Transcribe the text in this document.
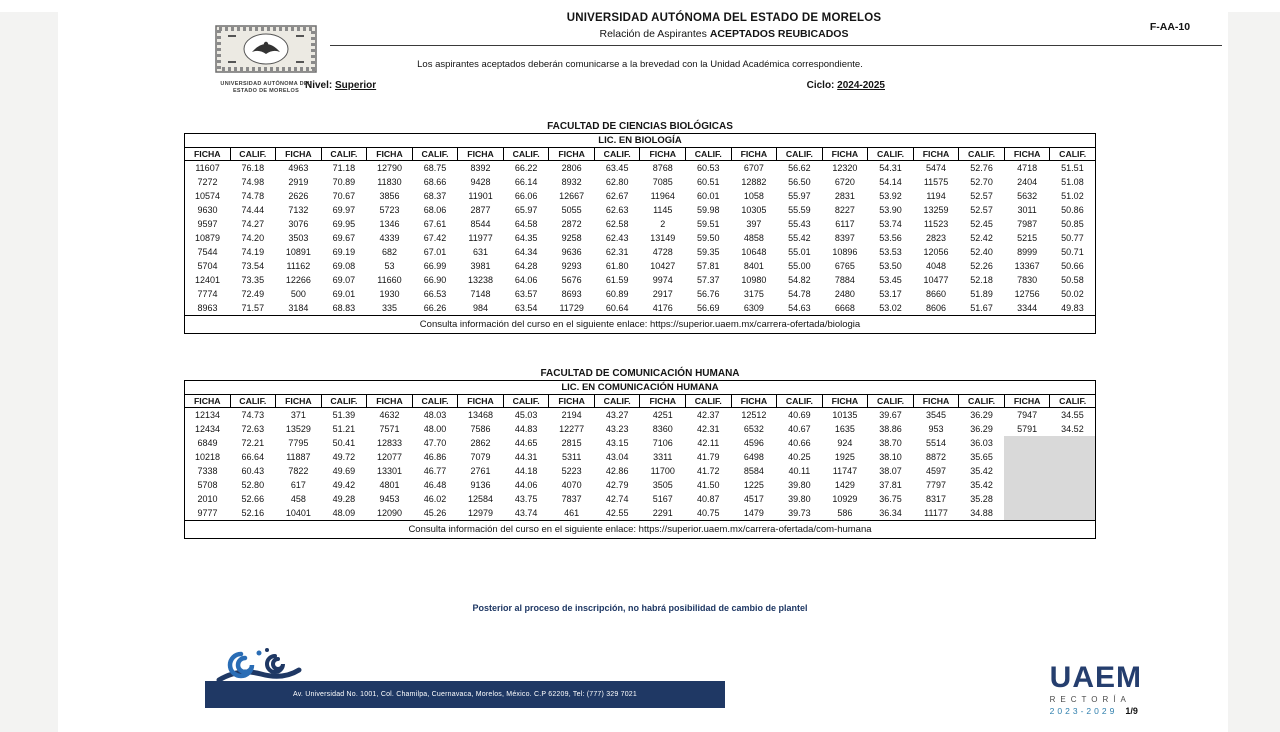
UNIVERSIDAD AUTÓNOMA DEL
ESTADO DE MORELOS
UNIVERSIDAD AUTÓNOMA DEL ESTADO DE MORELOS
Relación de Aspirantes ACEPTADOS REUBICADOS
F-AA-10
Los aspirantes aceptados deberán comunicarse a la brevedad con la Unidad Académica correspondiente.
Nivel: Superior	Ciclo: 2024-2025
FACULTAD DE CIENCIAS BIOLÓGICAS
LIC. EN BIOLOGÍA																			
FICHA	CALIF.	FICHA	CALIF.	FICHA	CALIF.	FICHA	CALIF.	FICHA	CALIF.	FICHA	CALIF.	FICHA	CALIF.	FICHA	CALIF.	FICHA	CALIF.	FICHA	CALIF.
11607	76.18	4963	71.18	12790	68.75	8392	66.22	2806	63.45	8768	60.53	6707	56.62	12320	54.31	5474	52.76	4718	51.51
7272	74.98	2919	70.89	11830	68.66	9428	66.14	8932	62.80	7085	60.51	12882	56.50	6720	54.14	11575	52.70	2404	51.08
10574	74.78	2626	70.67	3856	68.37	11901	66.06	12667	62.67	11964	60.01	1058	55.97	2831	53.92	1194	52.57	5632	51.02
9630	74.44	7132	69.97	5723	68.06	2877	65.97	5055	62.63	1145	59.98	10305	55.59	8227	53.90	13259	52.57	3011	50.86
9597	74.27	3076	69.95	1346	67.61	8544	64.58	2872	62.58	2	59.51	397	55.43	6117	53.74	11523	52.45	7987	50.85
10879	74.20	3503	69.67	4339	67.42	11977	64.35	9258	62.43	13149	59.50	4858	55.42	8397	53.56	2823	52.42	5215	50.77
7544	74.19	10891	69.19	682	67.01	631	64.34	9636	62.31	4728	59.35	10648	55.01	10896	53.53	12056	52.40	8999	50.71
5704	73.54	11162	69.08	53	66.99	3981	64.28	9293	61.80	10427	57.81	8401	55.00	6765	53.50	4048	52.26	13367	50.66
12401	73.35	12266	69.07	11660	66.90	13238	64.06	5676	61.59	9974	57.37	10980	54.82	7884	53.45	10477	52.18	7830	50.58
7774	72.49	500	69.01	1930	66.53	7148	63.57	8693	60.89	2917	56.76	3175	54.78	2480	53.17	8660	51.89	12756	50.02
8963	71.57	3184	68.83	335	66.26	984	63.54	11729	60.64	4176	56.69	6309	54.63	6668	53.02	8606	51.67	3344	49.83
Consulta información del curso en el siguiente enlace: https://superior.uaem.mx/carrera-ofertada/biologia																			
FACULTAD DE COMUNICACIÓN HUMANA
LIC. EN COMUNICACIÓN HUMANA																			
FICHA	CALIF.	FICHA	CALIF.	FICHA	CALIF.	FICHA	CALIF.	FICHA	CALIF.	FICHA	CALIF.	FICHA	CALIF.	FICHA	CALIF.	FICHA	CALIF.	FICHA	CALIF.
12134	74.73	371	51.39	4632	48.03	13468	45.03	2194	43.27	4251	42.37	12512	40.69	10135	39.67	3545	36.29	7947	34.55
12434	72.63	13529	51.21	7571	48.00	7586	44.83	12277	43.23	8360	42.31	6532	40.67	1635	38.86	953	36.29	5791	34.52
6849	72.21	7795	50.41	12833	47.70	2862	44.65	2815	43.15	7106	42.11	4596	40.66	924	38.70	5514	36.03		
10218	66.64	11887	49.72	12077	46.86	7079	44.31	5311	43.04	3311	41.79	6498	40.25	1925	38.10	8872	35.65		
7338	60.43	7822	49.69	13301	46.77	2761	44.18	5223	42.86	11700	41.72	8584	40.11	11747	38.07	4597	35.42		
5708	52.80	617	49.42	4801	46.48	9136	44.06	4070	42.79	3505	41.50	1225	39.80	1429	37.81	7797	35.42		
2010	52.66	458	49.28	9453	46.02	12584	43.75	7837	42.74	5167	40.87	4517	39.80	10929	36.75	8317	35.28		
9777	52.16	10401	48.09	12090	45.26	12979	43.74	461	42.55	2291	40.75	1479	39.73	586	36.34	11177	34.88		
Consulta información del curso en el siguiente enlace: https://superior.uaem.mx/carrera-ofertada/com-humana																			
Posterior al proceso de inscripción, no habrá posibilidad de cambio de plantel
Av. Universidad No. 1001, Col. Chamilpa, Cuernavaca, Morelos, México. C.P 62209, Tel: (777) 329 7021
UAEM
RECTORÍA
2023-2029 1/9
